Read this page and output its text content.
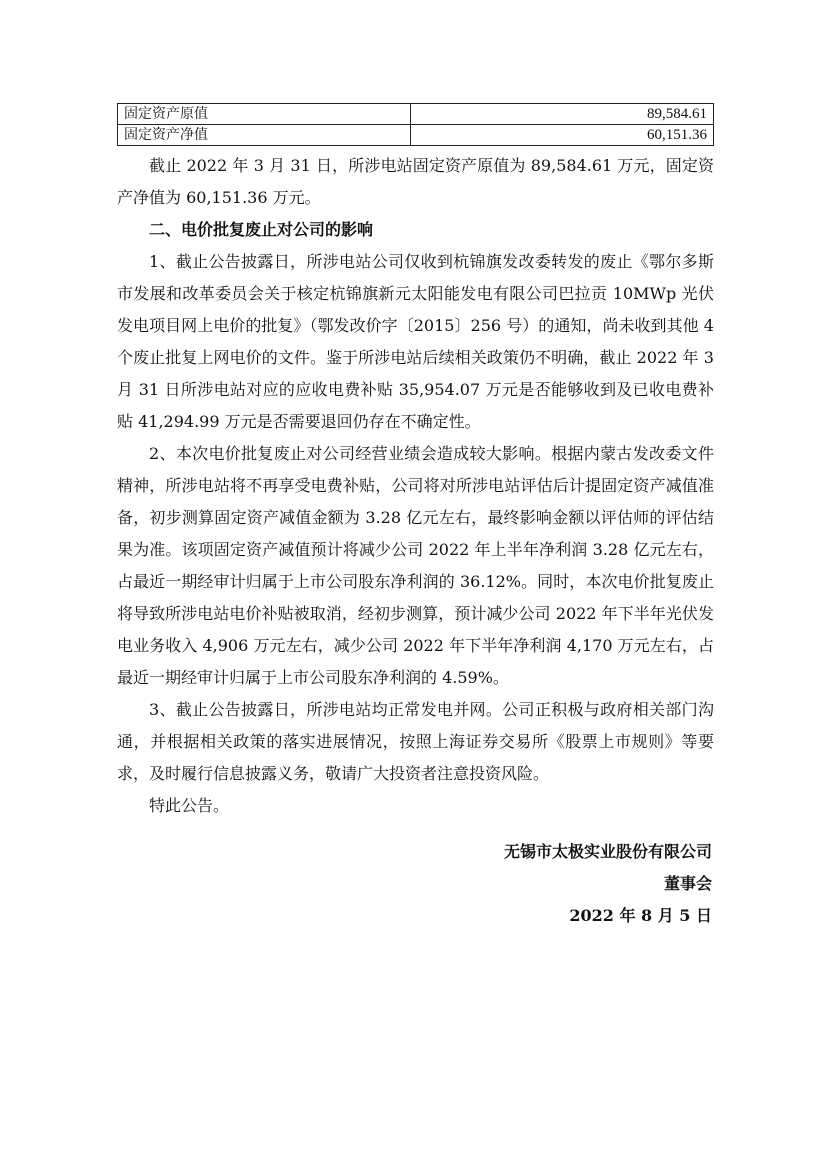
固定资产原值	89,584.61
固定资产净值	60,151.36

截止 2022 年 3 月 31 日，所涉电站固定资产原值为 89,584.61 万元，固定资产净值为 60,151.36 万元。

二、电价批复废止对公司的影响

1、截止公告披露日，所涉电站公司仅收到杭锦旗发改委转发的废止《鄂尔多斯市发展和改革委员会关于核定杭锦旗新元太阳能发电有限公司巴拉贡 10MWp 光伏发电项目网上电价的批复》（鄂发改价字〔2015〕256 号）的通知，尚未收到其他 4 个废止批复上网电价的文件。鉴于所涉电站后续相关政策仍不明确，截止 2022 年 3 月 31 日所涉电站对应的应收电费补贴 35,954.07 万元是否能够收到及已收电费补贴 41,294.99 万元是否需要退回仍存在不确定性。

2、本次电价批复废止对公司经营业绩会造成较大影响。根据内蒙古发改委文件精神，所涉电站将不再享受电费补贴，公司将对所涉电站评估后计提固定资产减值准备，初步测算固定资产减值金额为 3.28 亿元左右，最终影响金额以评估师的评估结果为准。该项固定资产减值预计将减少公司 2022 年上半年净利润 3.28 亿元左右，占最近一期经审计归属于上市公司股东净利润的 36.12%。同时，本次电价批复废止将导致所涉电站电价补贴被取消，经初步测算，预计减少公司 2022 年下半年光伏发电业务收入 4,906 万元左右，减少公司 2022 年下半年净利润 4,170 万元左右，占最近一期经审计归属于上市公司股东净利润的 4.59%。

3、截止公告披露日，所涉电站均正常发电并网。公司正积极与政府相关部门沟通，并根据相关政策的落实进展情况，按照上海证券交易所《股票上市规则》等要求，及时履行信息披露义务，敬请广大投资者注意投资风险。

特此公告。

无锡市太极实业股份有限公司
董事会
2022 年 8 月 5 日
